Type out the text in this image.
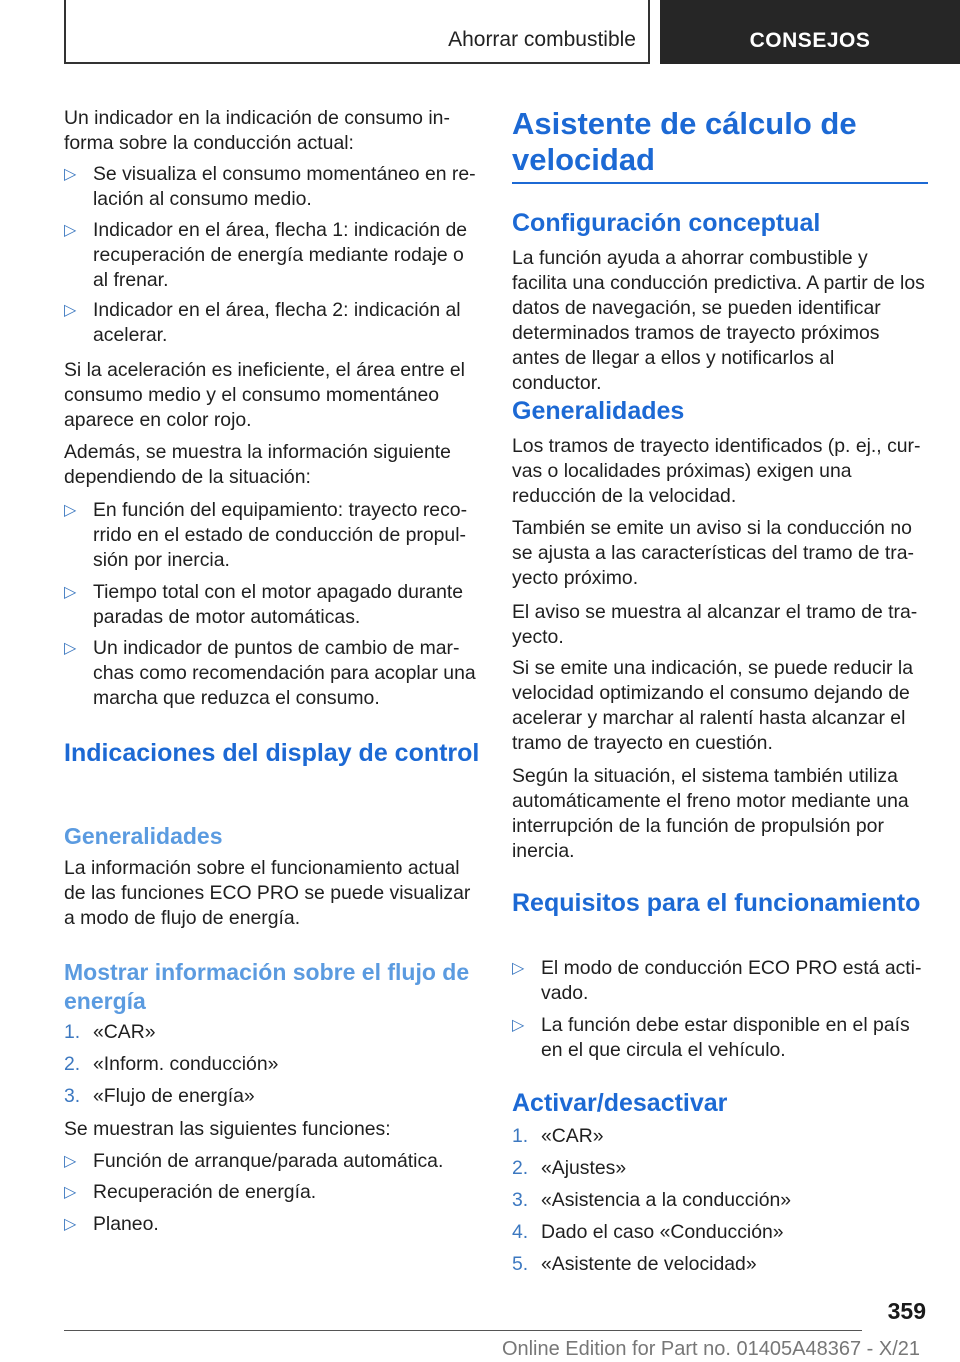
Ahorrar combustible	CONSEJOS

Un indicador en la indicación de consumo informa sobre la conducción actual:

▷ Se visualiza el consumo momentáneo en relación al consumo medio.
▷ Indicador en el área, flecha 1: indicación de recuperación de energía mediante rodaje o al frenar.
▷ Indicador en el área, flecha 2: indicación al acelerar.

Si la aceleración es ineficiente, el área entre el consumo medio y el consumo momentáneo aparece en color rojo.

Además, se muestra la información siguiente dependiendo de la situación:

▷ En función del equipamiento: trayecto recorrido en el estado de conducción de propulsión por inercia.
▷ Tiempo total con el motor apagado durante paradas de motor automáticas.
▷ Un indicador de puntos de cambio de marchas como recomendación para acoplar una marcha que reduzca el consumo.
Indicaciones del display de control
Generalidades

La información sobre el funcionamiento actual de las funciones ECO PRO se puede visualizar a modo de flujo de energía.

Mostrar información sobre el flujo de energía
1. «CAR»
2. «Inform. conducción»
3. «Flujo de energía»

Se muestran las siguientes funciones:

▷ Función de arranque/parada automática.
▷ Recuperación de energía.
▷ Planeo.
Asistente de cálculo de velocidad
Configuración conceptual

La función ayuda a ahorrar combustible y facilita una conducción predictiva. A partir de los datos de navegación, se pueden identificar determinados tramos de trayecto próximos antes de llegar a ellos y notificarlos al conductor.

Generalidades

Los tramos de trayecto identificados (p. ej., curvas o localidades próximas) exigen una reducción de la velocidad.

También se emite un aviso si la conducción no se ajusta a las características del tramo de trayecto próximo.

El aviso se muestra al alcanzar el tramo de trayecto.

Si se emite una indicación, se puede reducir la velocidad optimizando el consumo dejando de acelerar y marchar al ralentí hasta alcanzar el tramo de trayecto en cuestión.

Según la situación, el sistema también utiliza automáticamente el freno motor mediante una interrupción de la función de propulsión por inercia.

Requisitos para el funcionamiento
▷ El modo de conducción ECO PRO está activado.
▷ La función debe estar disponible en el país en el que circula el vehículo.
Activar/desactivar
1. «CAR»
2. «Ajustes»
3. «Asistencia a la conducción»
4. Dado el caso «Conducción»
5. «Asistente de velocidad»
359
Online Edition for Part no. 01405A48367 - X/21
